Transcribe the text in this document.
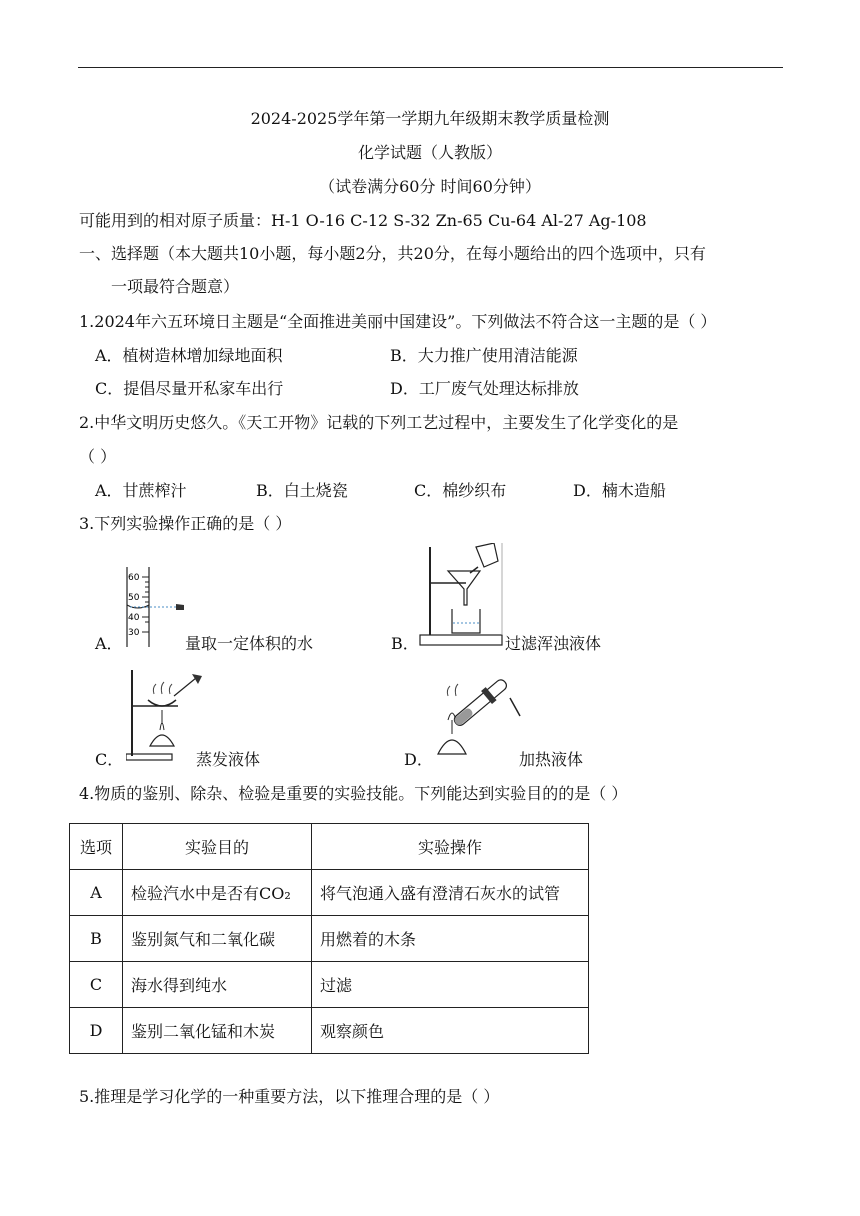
2024-2025学年第一学期九年级期末教学质量检测
化学试题（人教版）
（试卷满分60分 时间60分钟）
可能用到的相对原子质量：H-1 O-16 C-12 S-32 Zn-65 Cu-64 Al-27 Ag-108
一、选择题（本大题共10小题，每小题2分，共20分，在每小题给出的四个选项中，只有
一项最符合题意）
1.2024年六五环境日主题是“全面推进美丽中国建设”。下列做法不符合这一主题的是（ ）
A．植树造林增加绿地面积	B．大力推广使用清洁能源
C．提倡尽量开私家车出行	D．工厂废气处理达标排放
2.中华文明历史悠久。《天工开物》记载的下列工艺过程中，主要发生了化学变化的是
（ ）
A．甘蔗榨汁	B．白土烧瓷	C．棉纱织布	D．楠木造船
3.下列实验操作正确的是（ ）
60
50
40
30
A．	量取一定体积的水	B．	过滤浑浊液体
C．	蒸发液体	D．	加热液体
4.物质的鉴别、除杂、检验是重要的实验技能。下列能达到实验目的的是（ ）
选项	实验目的	实验操作
A	检验汽水中是否有CO₂	将气泡通入盛有澄清石灰水的试管
B	鉴别氮气和二氧化碳	用燃着的木条
C	海水得到纯水	过滤
D	鉴别二氧化锰和木炭	观察颜色
5.推理是学习化学的一种重要方法，以下推理合理的是（ ）
